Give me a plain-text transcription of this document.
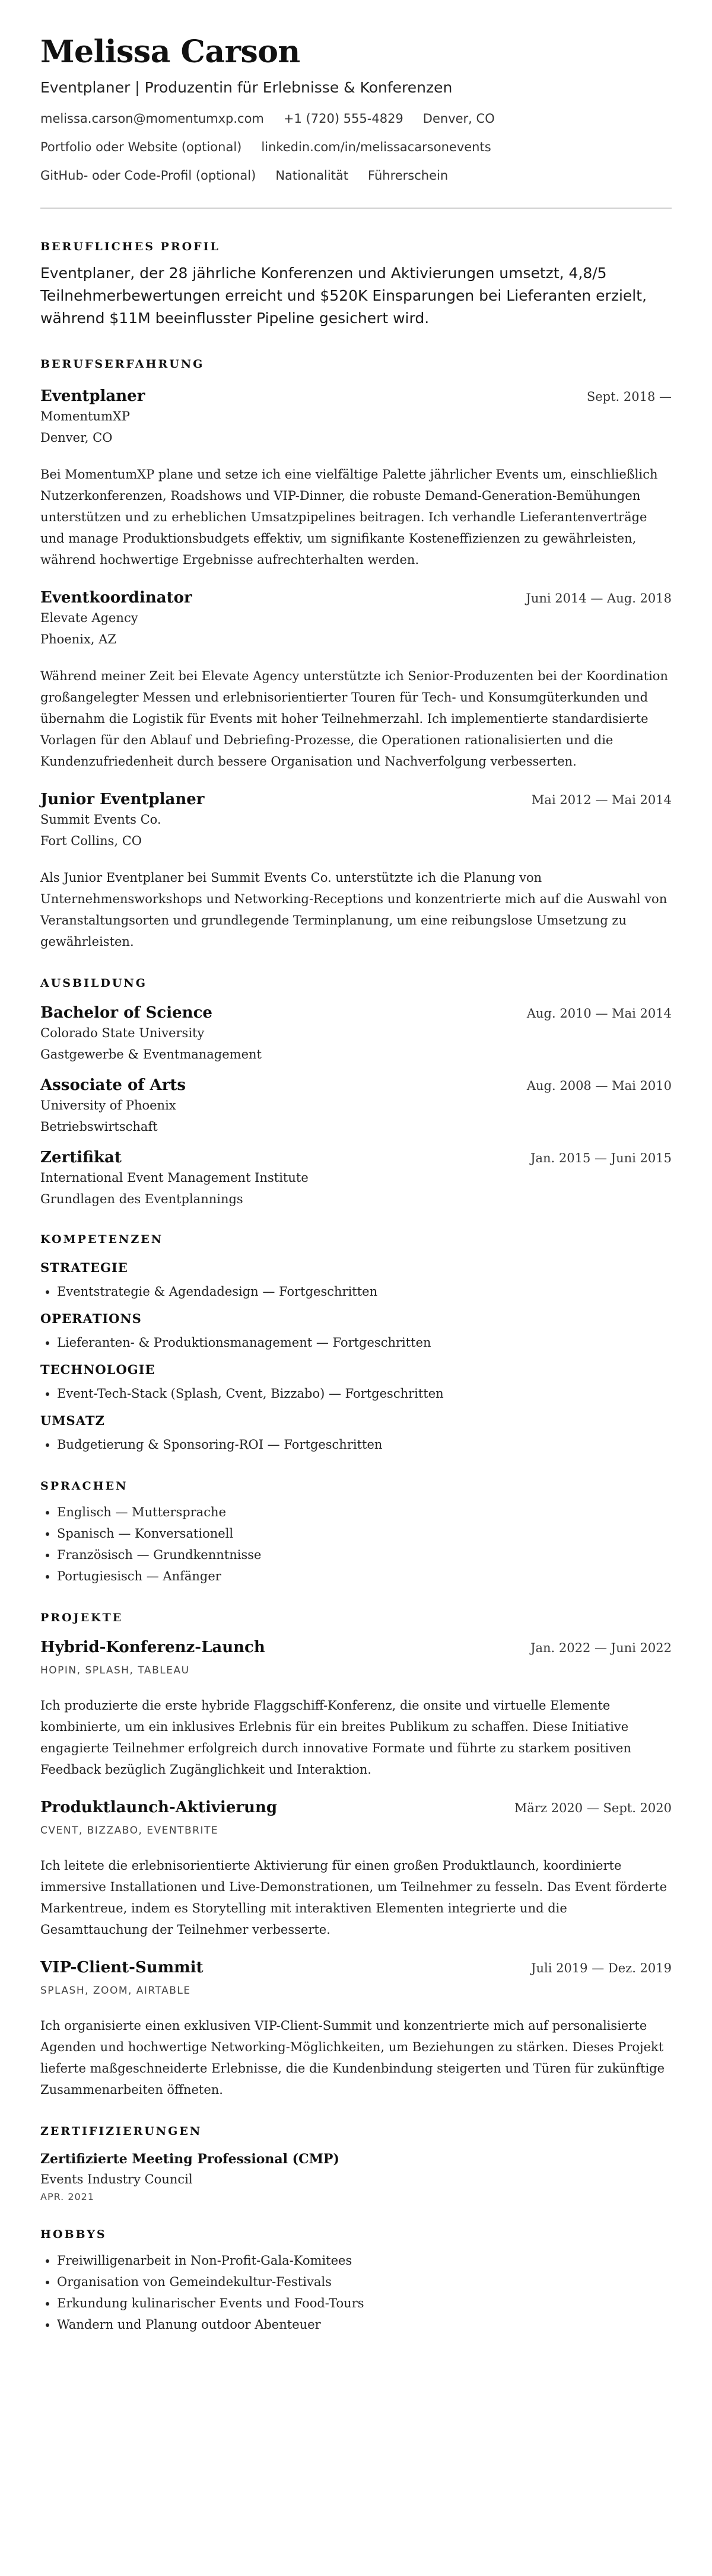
Melissa Carson
Eventplaner | Produzentin für Erlebnisse & Konferenzen
melissa.carson@momentumxp.com +1 (720) 555-4829 Denver, CO
Portfolio oder Website (optional) linkedin.com/in/melissacarsonevents
GitHub- oder Code-Profil (optional) Nationalität Führerschein
BERUFLICHES PROFIL
Eventplaner, der 28 jährliche Konferenzen und Aktivierungen umsetzt, 4,8/5 Teilnehmerbewertungen erreicht und $520K Einsparungen bei Lieferanten erzielt, während $11M beeinflusster Pipeline gesichert wird.
BERUFSERFAHRUNG
Eventplaner	Sept. 2018 —
MomentumXP
Denver, CO
Bei MomentumXP plane und setze ich eine vielfältige Palette jährlicher Events um, einschließlich Nutzerkonferenzen, Roadshows und VIP-Dinner, die robuste Demand-Generation-Bemühungen unterstützen und zu erheblichen Umsatzpipelines beitragen. Ich verhandle Lieferantenverträge und manage Produktionsbudgets effektiv, um signifikante Kosteneffizienzen zu gewährleisten, während hochwertige Ergebnisse aufrechterhalten werden.
Eventkoordinator	Juni 2014 — Aug. 2018
Elevate Agency
Phoenix, AZ
Während meiner Zeit bei Elevate Agency unterstützte ich Senior-Produzenten bei der Koordination großangelegter Messen und erlebnisorientierter Touren für Tech- und Konsumgüterkunden und übernahm die Logistik für Events mit hoher Teilnehmerzahl. Ich implementierte standardisierte Vorlagen für den Ablauf und Debriefing-Prozesse, die Operationen rationalisierten und die Kundenzufriedenheit durch bessere Organisation und Nachverfolgung verbesserten.
Junior Eventplaner	Mai 2012 — Mai 2014
Summit Events Co.
Fort Collins, CO
Als Junior Eventplaner bei Summit Events Co. unterstützte ich die Planung von Unternehmensworkshops und Networking-Receptions und konzentrierte mich auf die Auswahl von Veranstaltungsorten und grundlegende Terminplanung, um eine reibungslose Umsetzung zu gewährleisten.
AUSBILDUNG
Bachelor of Science	Aug. 2010 — Mai 2014
Colorado State University
Gastgewerbe & Eventmanagement
Associate of Arts	Aug. 2008 — Mai 2010
University of Phoenix
Betriebswirtschaft
Zertifikat	Jan. 2015 — Juni 2015
International Event Management Institute
Grundlagen des Eventplannings
KOMPETENZEN
STRATEGIE
• Eventstrategie & Agendadesign — Fortgeschritten
OPERATIONS
• Lieferanten- & Produktionsmanagement — Fortgeschritten
TECHNOLOGIE
• Event-Tech-Stack (Splash, Cvent, Bizzabo) — Fortgeschritten
UMSATZ
• Budgetierung & Sponsoring-ROI — Fortgeschritten
SPRACHEN
• Englisch — Muttersprache
• Spanisch — Konversationell
• Französisch — Grundkenntnisse
• Portugiesisch — Anfänger
PROJEKTE
Hybrid-Konferenz-Launch	Jan. 2022 — Juni 2022
HOPIN, SPLASH, TABLEAU
Ich produzierte die erste hybride Flaggschiff-Konferenz, die onsite und virtuelle Elemente kombinierte, um ein inklusives Erlebnis für ein breites Publikum zu schaffen. Diese Initiative engagierte Teilnehmer erfolgreich durch innovative Formate und führte zu starkem positiven Feedback bezüglich Zugänglichkeit und Interaktion.
Produktlaunch-Aktivierung	März 2020 — Sept. 2020
CVENT, BIZZABO, EVENTBRITE
Ich leitete die erlebnisorientierte Aktivierung für einen großen Produktlaunch, koordinierte immersive Installationen und Live-Demonstrationen, um Teilnehmer zu fesseln. Das Event förderte Markentreue, indem es Storytelling mit interaktiven Elementen integrierte und die Gesamttauchung der Teilnehmer verbesserte.
VIP-Client-Summit	Juli 2019 — Dez. 2019
SPLASH, ZOOM, AIRTABLE
Ich organisierte einen exklusiven VIP-Client-Summit und konzentrierte mich auf personalisierte Agenden und hochwertige Networking-Möglichkeiten, um Beziehungen zu stärken. Dieses Projekt lieferte maßgeschneiderte Erlebnisse, die die Kundenbindung steigerten und Türen für zukünftige Zusammenarbeiten öffneten.
ZERTIFIZIERUNGEN
Zertifizierte Meeting Professional (CMP)
Events Industry Council
APR. 2021
HOBBYS
• Freiwilligenarbeit in Non-Profit-Gala-Komitees
• Organisation von Gemeindekultur-Festivals
• Erkundung kulinarischer Events und Food-Tours
• Wandern und Planung outdoor Abenteuer
